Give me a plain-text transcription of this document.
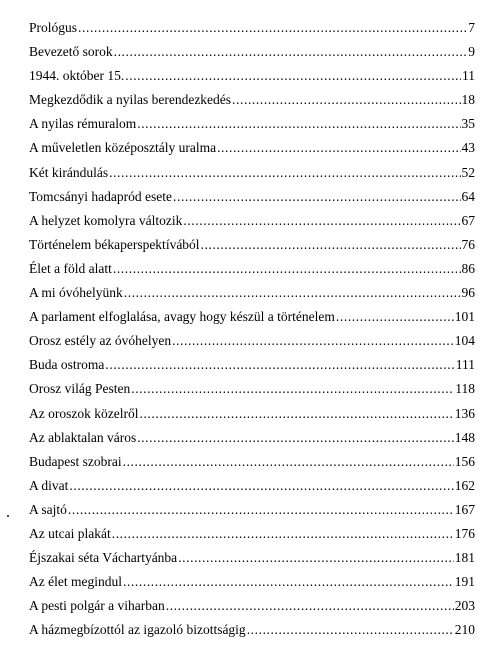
Prológus .....	7
Bevezető sorok .....	9
1944. október 15. .....	11
Megkezdődik a nyilas berendezkedés .....	18
A nyilas rémuralom .....	35
A műveletlen középosztály uralma .....	43
Két kirándulás .....	52
Tomcsányi hadapród esete .....	64
A helyzet komolyra változik .....	67
Történelem békaperspektívából .....	76
Élet a föld alatt .....	86
A mi óvóhelyünk .....	96
A parlament elfoglalása, avagy hogy készül a történelem .....	101
Orosz estély az óvóhelyen .....	104
Buda ostroma .....	111
Orosz világ Pesten .....	118
Az oroszok közelről .....	136
Az ablaktalan város .....	148
Budapest szobrai .....	156
A divat .....	162
A sajtó .....	167
Az utcai plakát .....	176
Éjszakai séta Váchartyánba .....	181
Az élet megindul .....	191
A pesti polgár a viharban .....	203
A házmegbízottól az igazoló bizottságig .....	210
